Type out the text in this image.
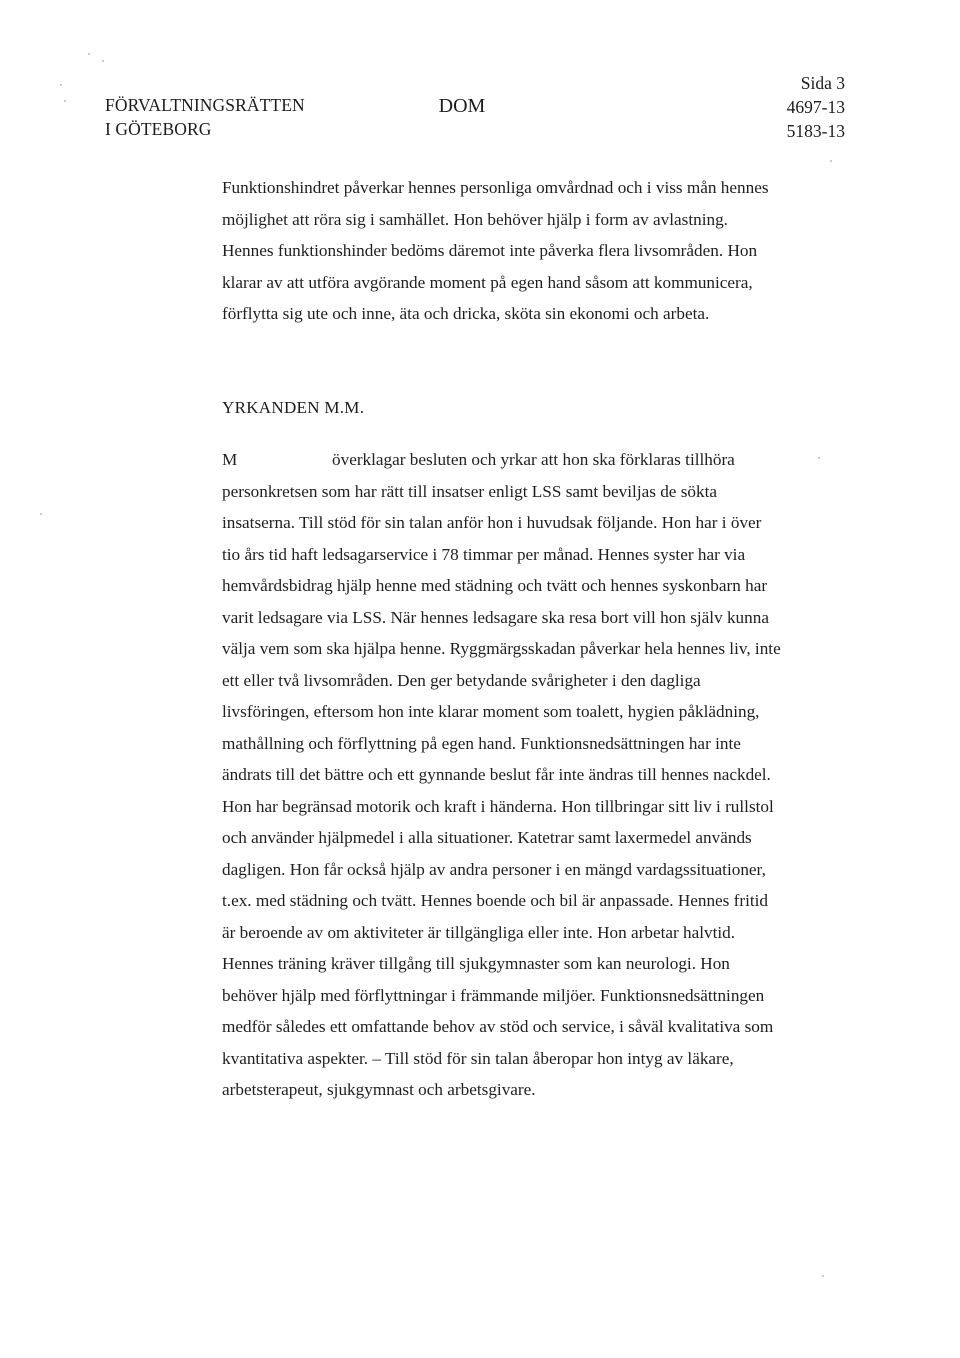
FÖRVALTNINGSRÄTTEN
I GÖTEBORG
DOM
Sida 3
4697-13
5183-13
Funktionshindret påverkar hennes personliga omvårdnad och i viss mån hennes möjlighet att röra sig i samhället. Hon behöver hjälp i form av avlastning. Hennes funktionshinder bedöms däremot inte påverka flera livsområden. Hon klarar av att utföra avgörande moment på egen hand såsom att kommunicera, förflytta sig ute och inne, äta och dricka, sköta sin ekonomi och arbeta.
YRKANDEN M.M.
M	överklagar besluten och yrkar att hon ska förklaras tillhöra personkretsen som har rätt till insatser enligt LSS samt beviljas de sökta insatserna. Till stöd för sin talan anför hon i huvudsak följande. Hon har i över tio års tid haft ledsagarservice i 78 timmar per månad. Hennes syster har via hemvårdsbidrag hjälp henne med städning och tvätt och hennes syskonbarn har varit ledsagare via LSS. När hennes ledsagare ska resa bort vill hon själv kunna välja vem som ska hjälpa henne. Ryggmärgsskadan påverkar hela hennes liv, inte ett eller två livsområden. Den ger betydande svårigheter i den dagliga livsföringen, eftersom hon inte klarar moment som toalett, hygien påklädning, mathållning och förflyttning på egen hand. Funktionsnedsättningen har inte ändrats till det bättre och ett gynnande beslut får inte ändras till hennes nackdel. Hon har begränsad motorik och kraft i händerna. Hon tillbringar sitt liv i rullstol och använder hjälpmedel i alla situationer. Katetrar samt laxermedel används dagligen. Hon får också hjälp av andra personer i en mängd vardagssituationer, t.ex. med städning och tvätt. Hennes boende och bil är anpassade. Hennes fritid är beroende av om aktiviteter är tillgängliga eller inte. Hon arbetar halvtid. Hennes träning kräver tillgång till sjukgymnaster som kan neurologi. Hon behöver hjälp med förflyttningar i främmande miljöer. Funktionsnedsättningen medför således ett omfattande behov av stöd och service, i såväl kvalitativa som kvantitativa aspekter. – Till stöd för sin talan åberopar hon intyg av läkare, arbetsterapeut, sjukgymnast och arbetsgivare.
